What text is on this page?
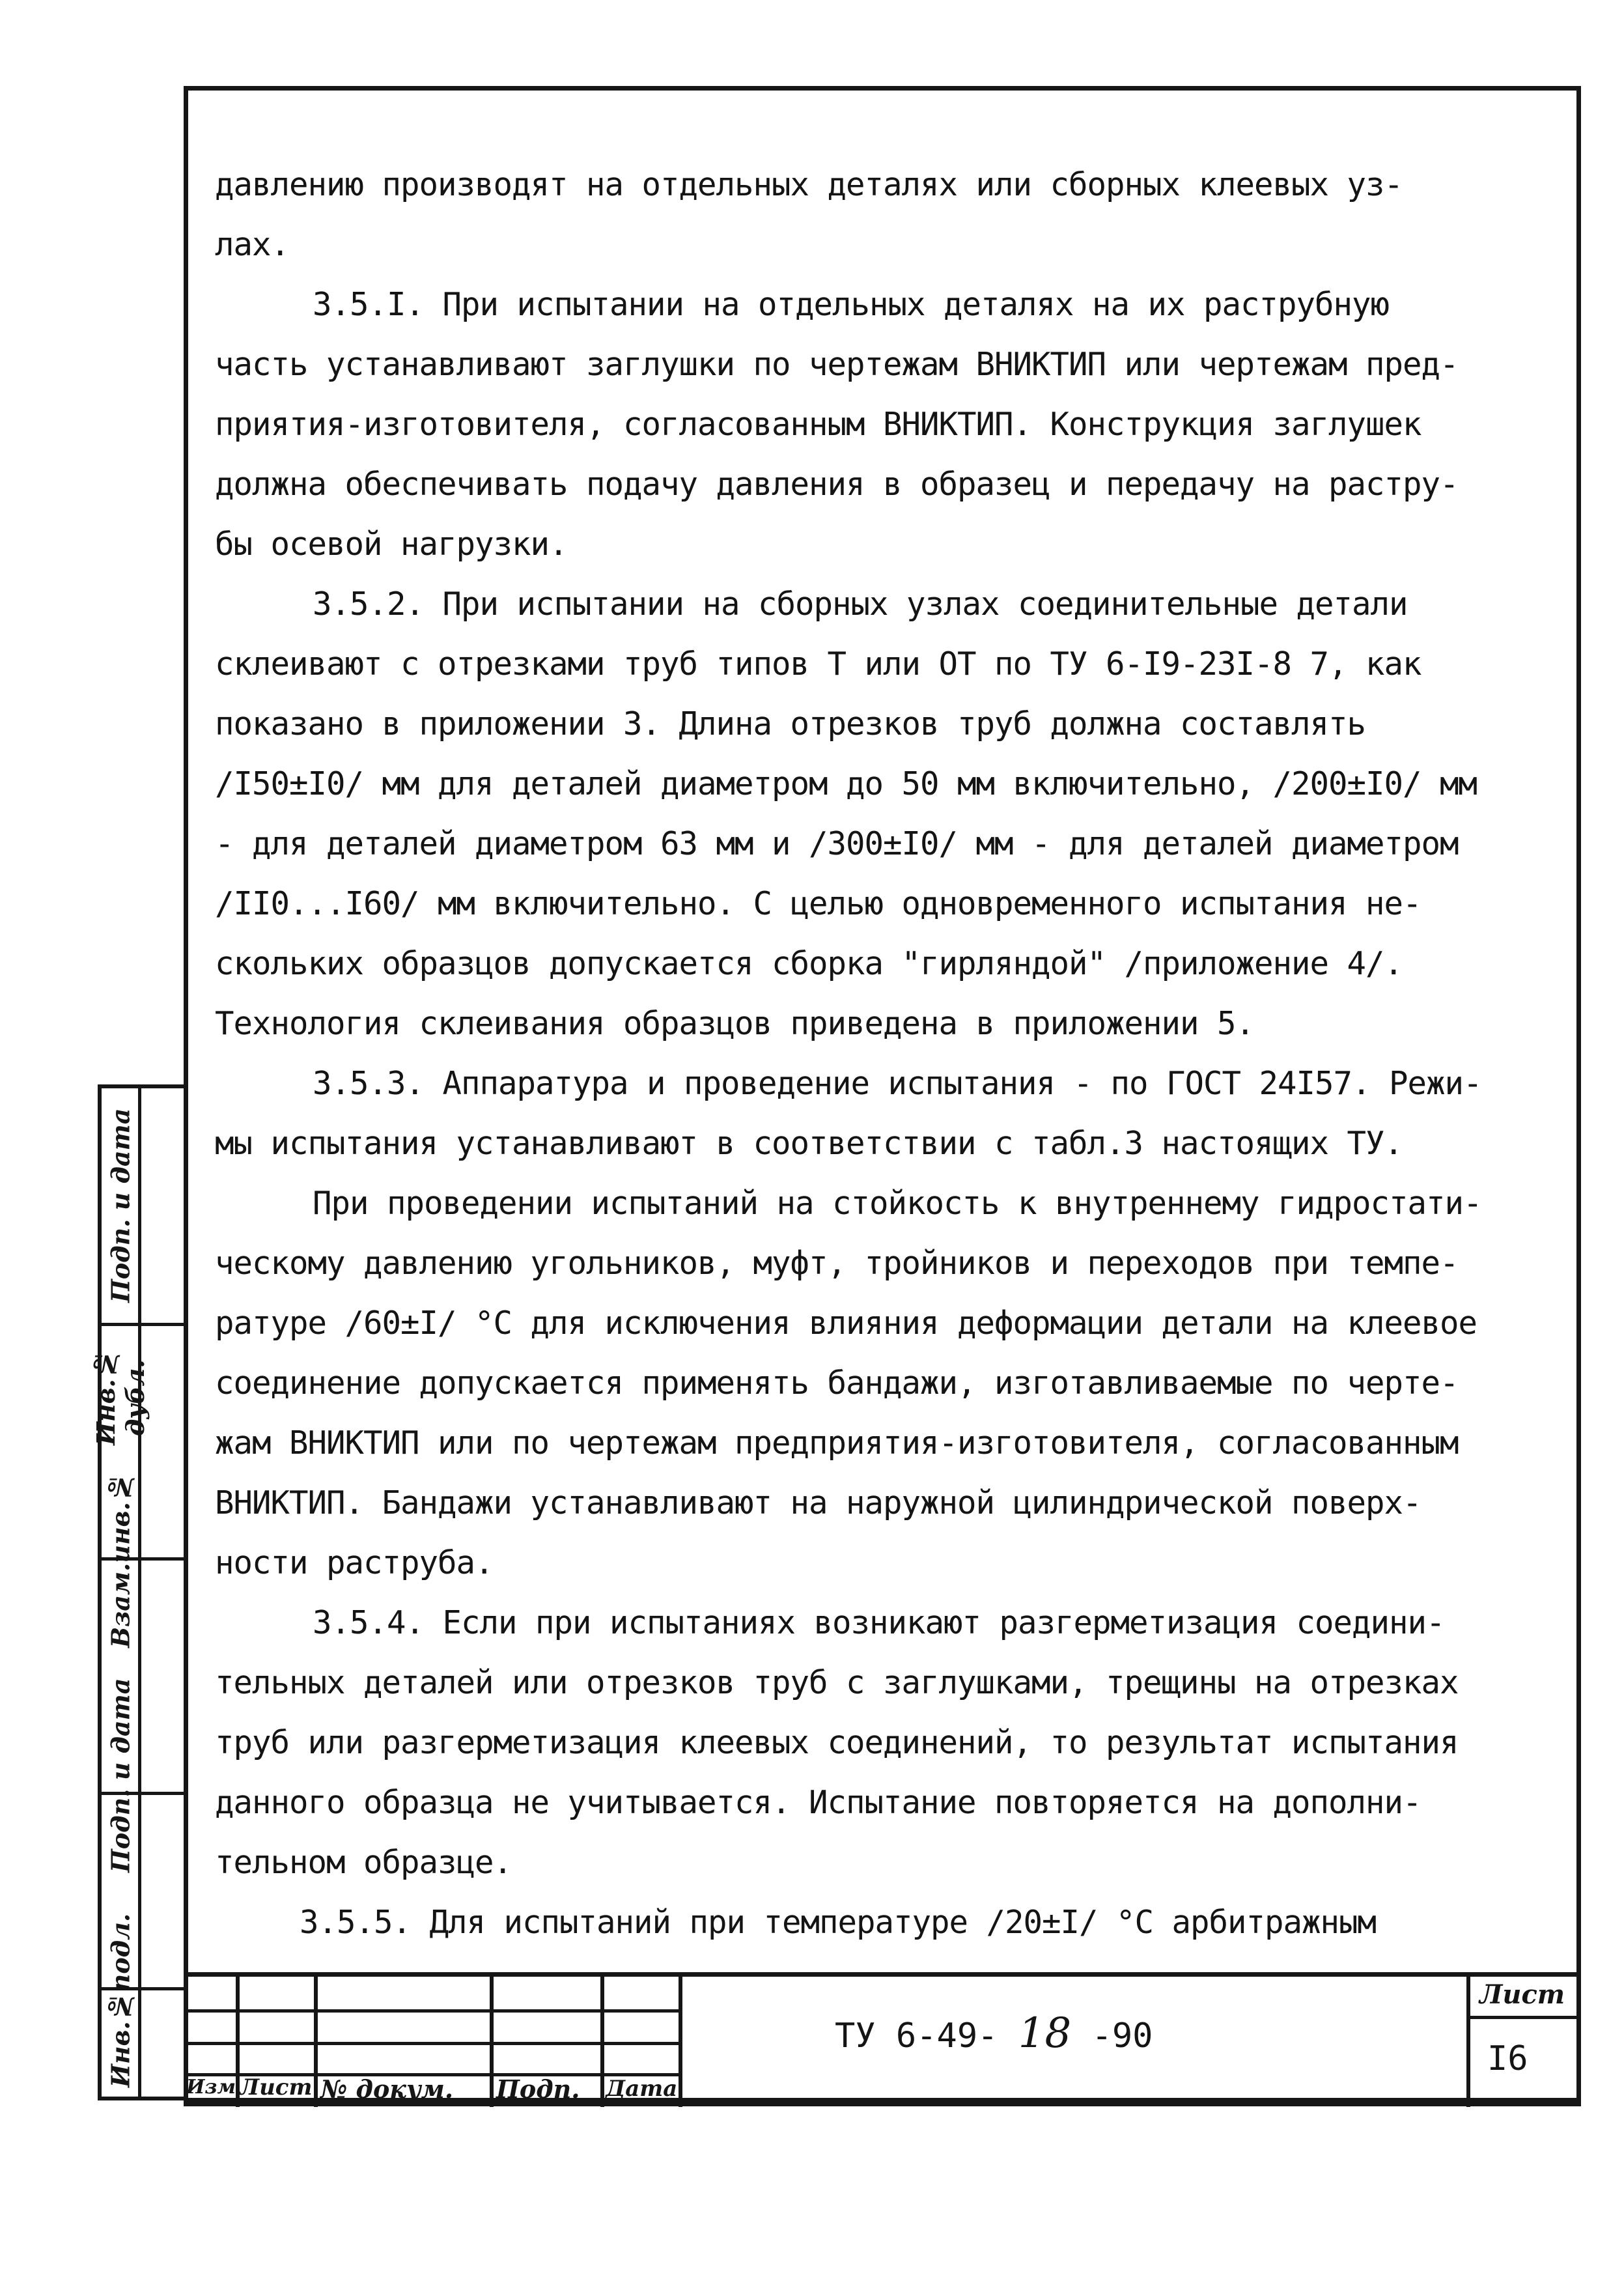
давлению производят на отдельных деталях или сборных клеевых уз-
лах.
3.5.I. При испытании на отдельных деталях на их раструбную
часть устанавливают заглушки по чертежам ВНИКТИП или чертежам пред-
приятия-изготовителя, согласованным ВНИКТИП. Конструкция заглушек
должна обеспечивать подачу давления в образец и передачу на растру-
бы осевой нагрузки.
3.5.2. При испытании на сборных узлах соединительные детали
склеивают с отрезками труб типов Т или ОТ по ТУ 6-I9-23I-8 7, как
показано в приложении 3. Длина отрезков труб должна составлять
/I50±I0/ мм для деталей диаметром до 50 мм включительно, /200±I0/ мм
- для деталей диаметром 63 мм и /300±I0/ мм - для деталей диаметром
/II0...I60/ мм включительно. С целью одновременного испытания не-
скольких образцов допускается сборка "гирляндой" /приложение 4/.
Технология склеивания образцов приведена в приложении 5.
3.5.3. Аппаратура и проведение испытания - по ГОСТ 24I57. Режи-
мы испытания устанавливают в соответствии с табл.3 настоящих ТУ.
При проведении испытаний на стойкость к внутреннему гидростати-
ческому давлению угольников, муфт, тройников и переходов при темпе-
ратуре /60±I/ °С для исключения влияния деформации детали на клеевое
соединение допускается применять бандажи, изготавливаемые по черте-
жам ВНИКТИП или по чертежам предприятия-изготовителя, согласованным
ВНИКТИП. Бандажи устанавливают на наружной цилиндрической поверх-
ности раструба.
3.5.4. Если при испытаниях возникают разгерметизация соедини-
тельных деталей или отрезков труб с заглушками, трещины на отрезках
труб или разгерметизация клеевых соединений, то результат испытания
данного образца не учитывается. Испытание повторяется на дополни-
тельном образце.
3.5.5. Для испытаний при температуре /20±I/ °С арбитражным
Подп. и дата
Инв.№ дубл.
Взам.инв.№
Подп. и дата
Инв.№подл.	Изм Лист № докум. Подп. Дата
ТУ 6-49- 18 -90
Лист
I6
